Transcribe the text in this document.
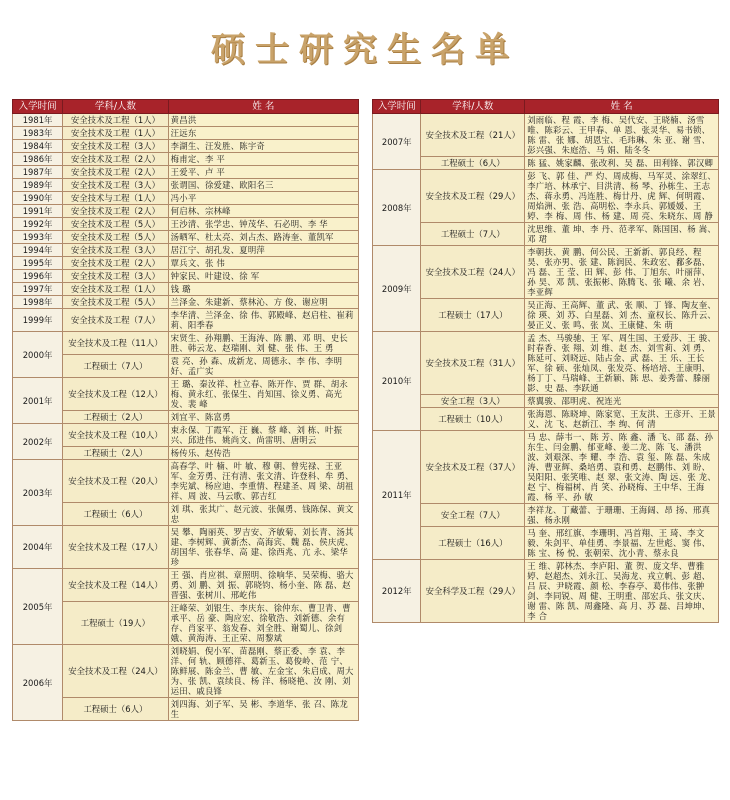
硕士研究生名单
入学时间	学科/人数	姓 名
1981年	安全技术及工程（1人）	黄昌洪
1983年	安全技术及工程（1人）	汪远东
1984年	安全技术及工程（3人）	李湖生、汪发胜、陈宇奇
1986年	安全技术及工程（2人）	梅甫定、李 平
1987年	安全技术及工程（2人）	王爱平、卢 平
1989年	安全技术及工程（3人）	张谓国、徐爱建、欧阳名三
1990年	安全技术与工程（1人）	冯小平
1991年	安全技术及工程（2人）	何启林、宗林峰
1992年	安全技术及工程（5人）	王沙清、张学忠、钟茂华、石必明、李 华
1993年	安全技术及工程（5人）	汤晒军、杜太亮、刘占杰、路涛奎、董凯军
1994年	安全技术及工程（3人）	居江宁、胡孔发、夏明萍
1995年	安全技术及工程（2人）	覃兵文、张 伟
1996年	安全技术及工程（3人）	钟家民、叶建设、徐 军
1997年	安全技术及工程（1人）	钱 璐
1998年	安全技术及工程（5人）	兰泽金、朱建新、蔡林沁、方 俊、谢应明
1999年	安全技术及工程（7人）	李华清、兰泽金、徐 伟、郭殿峰、赵启柱、崔莉莉、阳季春
2000年	安全技术及工程（11人）	宋贤生、孙翔鹏、王海涛、陈 鹏、邓 明、史长胜、韩云龙、赵瑞刚、刘 健、张 伟、王 勇
	工程硕士（7人）	袁 亮、孙 森、成新龙、周德永、李 伟、李明好、孟广实
2001年	安全技术及工程（12人）	王 璐、秦汝祥、杜立春、陈开作、贾 群、胡永梅、黄永红、张保生、肖知国、徐义勇、高光发、裴 峰
	工程硕士（2人）	刘宜平、陈富勇
2002年	安全技术及工程（10人）	束永保、丁霞军、汪 巍、蔡 峰、刘 栋、叶振兴、邱进伟、姚尚文、尚雷明、唐明云
	工程硕士（2人）	杨传乐、赵传浩
2003年	安全技术及工程（20人）	高春学、叶 楠、叶 敏、穆 朝、曾宪禄、王亚军、金芳勇、汪有清、张文清、许登科、牟 勇、李宪斌、杨应迪、李重情、程建圣、周 梁、胡祖祥、周 波、马云歌、郭吉红
	工程硕士（6人）	刘 琪、张其广、赵元波、张佩勇、钱陈保、黄文忠
2004年	安全技术及工程（17人）	吴 攀、陶丽英、罗吉安、齐敏菊、刘长青、汤其建、李树辉、黄新杰、高海宾、魏 磊、侯庆虎、胡国华、张春华、高 建、徐西兆、亢 永、梁华珍
2005年	安全技术及工程（14人）	王 强、肖应祺、章照明、徐响华、吴荣梅、骆大勇、刘 鹏、刘 振、郭晓钧、杨小奎、陈 磊、赵晋强、张树川、邢屹伟
	工程硕士（19人）	汪峰荣、刘银生、李庆东、徐仲东、曹卫青、曹承平、岳 豪、陶应宏、徐敬浩、刘新德、余有存、肖家平、翁发春、刘全胜、谢蜀儿、徐剑娥、黄海涛、王正荣、周黎斌
2006年	安全技术及工程（24人）	刘晓娟、倪小军、苗磊刚、蔡正委、李 袁、李 洋、何 轨、顾德祥、葛新玉、葛俊岭、范 宁、陈鲜展、陈金兰、曹 敏、左金宝、朱启成、周大为、张 凯、袁续良、杨 洋、杨晓艳、汝 刚、刘运田、戚良锋
	工程硕士（6人）	刘四海、刘子军、吴 彬、李道华、张 召、陈龙生
入学时间	学科/人数	姓 名
2007年	安全技术及工程（21人）	刘雨临、程 霞、李 梅、吴代安、王晓楠、汤雪唯、陈彩云、王甲春、单 恩、张灵华、易书锁、陈 雷、张 娜、胡恩宝、毛玮琳、朱 亚、谢 雪、彭兴强、朱庭浩、马 娟、陆冬冬
	工程硕士（6人）	陈 猛、姚家麟、张改利、吴 磊、田利锋、郭汉卿
2008年	安全技术及工程（29人）	彭 飞、郭 佳、严 灼、周成梅、马军灵、涂翠红、李广培、林承宁、目洪清、杨 琴、孙栋生、王志杰、蒋永勇、冯连胜、梅廿丹、虎 辉、何明霞、周焰洲、张 浩、高明松、李永兵、郭媛媛、王 婷、李 梅、周 伟、杨 建、周 亮、朱晓东、周 静
	工程硕士（7人）	沈思维、董 坤、李 丹、范孝军、陈国国、杨 嵩、邓 珺
2009年	安全技术及工程（24人）	李朝扶、黄 鹏、何公民、王新新、郭良经、程 昊、张亦男、张 建、陈润民、朱政宏、鄱多磊、冯 磊、王 莹、田 辉、彭 伟、丁旭东、叶丽萍、孙 昊、邓 凯、张振彬、陈腾飞、张 曦、余 岩、李亚辉
	工程硕士（17人）	吴正海、王高辉、董 武、张 顺、丁 锋、陶友奎、徐 瑛、刘 苏、白星磊、刘 杰、童权长、陈升云、晏正义、张 鸣、张 岚、王康健、朱 萌
2010年	安全技术及工程（31人）	孟 杰、马骏驰、王 军、周生国、王爱莎、王 骏、时春香、张 翔、刘 维、赵 杰、刘雪莉、刘 勇、陈延可、刘晓远、陆占金、武 磊、王 乐、王长军、徐 硕、张灿凤、张发亮、杨培培、王康明、杨丁丁、马瑞峰、王新颖、陈 思、姜秀蕾、滕丽影、史 磊、李跃通
	安全工程（3人）	蔡翼骏、邵明虎、祝连光
	工程硕士（10人）	张海恩、陈晓坤、陈家宽、王友洪、王彦开、王景义、沈 飞、赵新江、李 绚、何 清
2011年	安全技术及工程（37人）	马 忠、薛韦一、陈 芳、陈 鑫、潘 飞、邵 磊、孙东生、闫金鹏、郁亚峰、姜二龙、陈 飞、潘洪波、刘艰深、李 耀、李 浩、袁 玺、陈 磊、朱成涛、曹亚辉、桑培勇、袁和勇、赵鹏伟、刘 盼、吴阳阳、张笑唯、赵 翠、张文涛、陶 远、张 龙、赵 宁、梅福树、肖 笑、孙晓梅、王中华、王海霞、杨 平、孙 敏
	安全工程（7人）	李祥龙、丁藏蕾、于珊珊、王海阔、昂 扬、邢真强、杨永刚
	工程硕士（16人）	马 奎、邢红旗、李珊明、冯首翔、王 琦、李文毅、朱剑平、单佳勇、李景福、左世彪、窦 伟、陈 宝、杨 悦、张朝荣、沈小青、蔡永良
2012年	安全科学及工程（29人）	王 维、郭林杰、李庐阳、董 贺、庞文华、曹雅婷、赵超杰、刘永江、吴海龙、戎立帆、彭 超、吕 辰、尹晓霞、颜 松、李春亭、葛伟伟、张翀剑、李同锐、周 健、王明重、邵宏兵、张文庆、谢 雷、陈 凯、周鑫隆、高 月、苏 磊、吕坤坤、李 合
